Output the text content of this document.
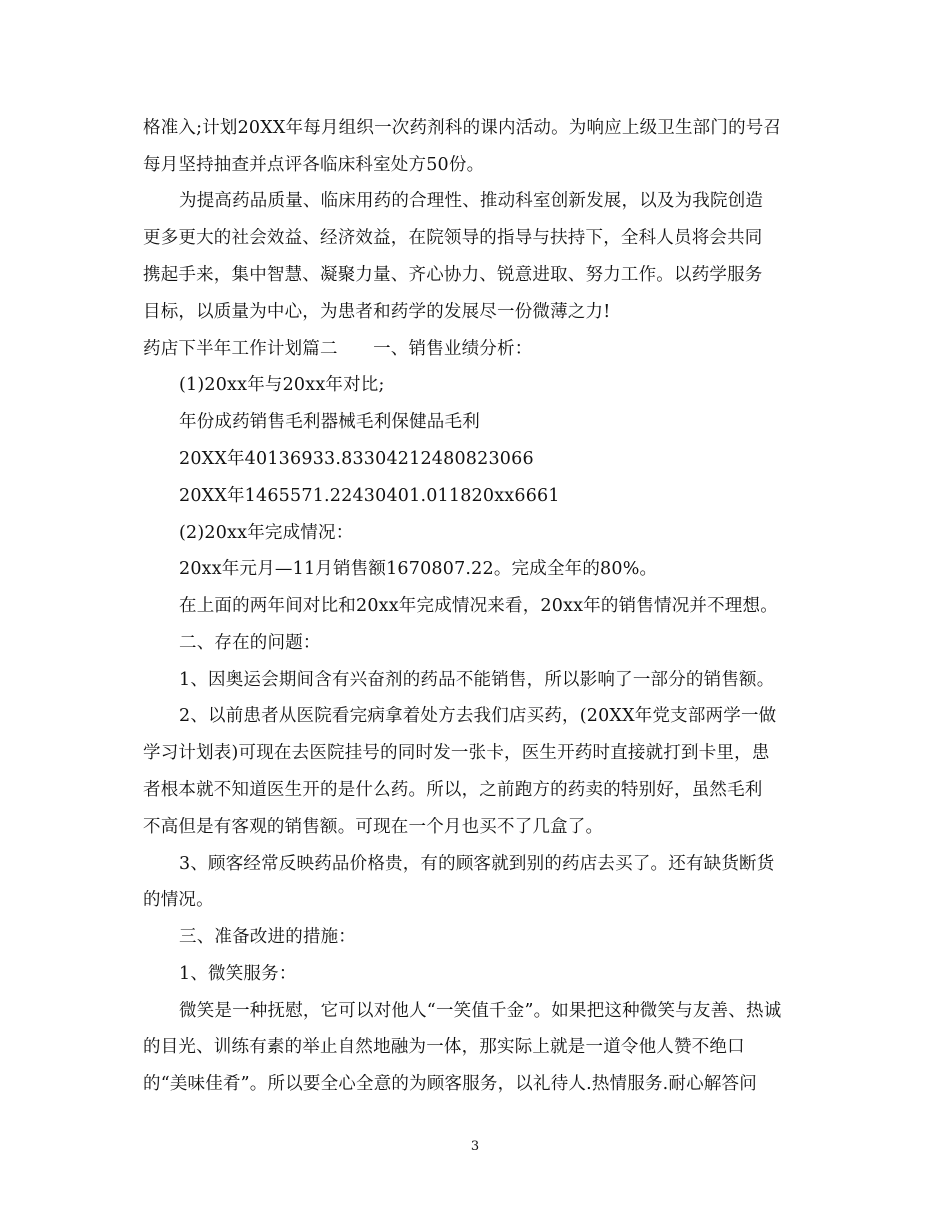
格准入;计划20XX年每月组织一次药剂科的课内活动。为响应上级卫生部门的号召
每月坚持抽查并点评各临床科室处方50份。
为提高药品质量、临床用药的合理性、推动科室创新发展，以及为我院创造
更多更大的社会效益、经济效益，在院领导的指导与扶持下，全科人员将会共同
携起手来，集中智慧、凝聚力量、齐心协力、锐意进取、努力工作。以药学服务
目标，以质量为中心，为患者和药学的发展尽一份微薄之力!
药店下半年工作计划篇二　　一、销售业绩分析：
(1)20xx年与20xx年对比;
年份成药销售毛利器械毛利保健品毛利
20XX年40136933.83304212480823066
20XX年1465571.22430401.011820xx6661
(2)20xx年完成情况：
20xx年元月—11月销售额1670807.22。完成全年的80%。
在上面的两年间对比和20xx年完成情况来看，20xx年的销售情况并不理想。
二、存在的问题：
1、因奥运会期间含有兴奋剂的药品不能销售，所以影响了一部分的销售额。
2、以前患者从医院看完病拿着处方去我们店买药，(20XX年党支部两学一做
学习计划表)可现在去医院挂号的同时发一张卡，医生开药时直接就打到卡里，患
者根本就不知道医生开的是什么药。所以，之前跑方的药卖的特别好，虽然毛利
不高但是有客观的销售额。可现在一个月也买不了几盒了。
3、顾客经常反映药品价格贵，有的顾客就到别的药店去买了。还有缺货断货
的情况。
三、准备改进的措施：
1、微笑服务：
微笑是一种抚慰，它可以对他人“一笑值千金”。如果把这种微笑与友善、热诚
的目光、训练有素的举止自然地融为一体，那实际上就是一道令他人赞不绝口
的“美味佳肴”。所以要全心全意的为顾客服务，以礼待人.热情服务.耐心解答问
3
